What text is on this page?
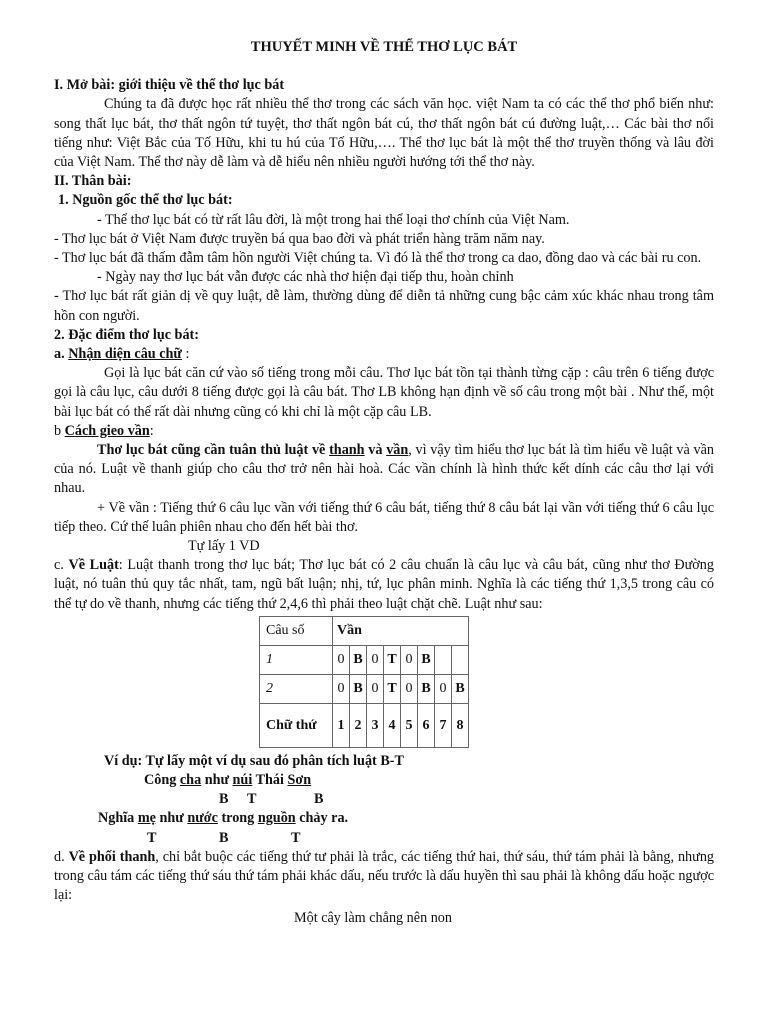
THUYẾT MINH VỀ THỂ THƠ LỤC BÁT

I. Mở bài: giới thiệu về thể thơ lục bát

Chúng ta đã được học rất nhiều thể thơ trong các sách văn học. việt Nam ta có các thể thơ phổ biến như: song thất lục bát, thơ thất ngôn tứ tuyệt, thơ thất ngôn bát cú, thơ thất ngôn bát cú đường luật,… Các bài thơ nổi tiếng như: Việt Bắc của Tố Hữu, khi tu hú của Tố Hữu,…. Thể thơ lục bát là một thể thơ truyền thống và lâu đời của Việt Nam. Thể thơ này dễ làm và dễ hiểu nên nhiều người hướng tới thể thơ này.

II. Thân bài:

1. Nguồn gốc thể thơ lục bát:

- Thể thơ lục bát có từ rất lâu đời, là một trong hai thể loại thơ chính của Việt Nam.

- Thơ lục bát ở Việt Nam được truyền bá qua bao đời và phát triển hàng trăm năm nay.

- Thơ lục bát đã thấm đẫm tâm hồn người Việt chúng ta. Vì đó là thể thơ trong ca dao, đồng dao và các bài ru con.

- Ngày nay thơ lục bát vẫn được các nhà thơ hiện đại tiếp thu, hoàn chỉnh

- Thơ lục bát rất giản dị về quy luật, dễ làm, thường dùng để diễn tả những cung bậc cảm xúc khác nhau trong tâm hồn con người.

2. Đặc điểm thơ lục bát:

a. Nhận diện câu chữ :

Gọi là lục bát căn cứ vào số tiếng trong mỗi câu. Thơ lục bát tồn tại thành từng cặp : câu trên 6 tiếng được gọi là câu lục, câu dưới 8 tiếng được gọi là câu bát. Thơ LB không hạn định về số câu trong một bài . Như thế, một bài lục bát có thể rất dài nhưng cũng có khi chỉ là một cặp câu LB.

b Cách gieo vần:

Thơ lục bát cũng cần tuân thủ luật về thanh và vần, vì vậy tìm hiểu thơ lục bát là tìm hiểu về luật và vần của nó. Luật về thanh giúp cho câu thơ trở nên hài hoà. Các vần chính là hình thức kết dính các câu thơ lại với nhau.

+ Về vần : Tiếng thứ 6 câu lục vần với tiếng thứ 6 câu bát, tiếng thứ 8 câu bát lại vần với tiếng thứ 6 câu lục tiếp theo. Cứ thế luân phiên nhau cho đến hết bài thơ.

Tự lấy 1 VD

c. Về Luật: Luật thanh trong thơ lục bát; Thơ lục bát có 2 câu chuẩn là câu lục và câu bát, cũng như thơ Đường luật, nó tuân thủ quy tắc nhất, tam, ngũ bất luận; nhị, tứ, lục phân minh. Nghĩa là các tiếng thứ 1,3,5 trong câu có thể tự do về thanh, nhưng các tiếng thứ 2,4,6 thì phải theo luật chặt chẽ. Luật như sau:

Câu số	Vần							
1	0	B	0	T	0	B		
2	0	B	0	T	0	B	0	B
Chữ thứ	1	2	3	4	5	6	7	8

Ví dụ: Tự lấy một ví dụ sau đó phân tích luật B-T

Công cha như núi Thái Sơn

B T	B

Nghĩa mẹ như nước trong nguồn chảy ra.

T	B	T

d. Về phối thanh, chỉ bắt buộc các tiếng thứ tư phải là trắc, các tiếng thứ hai, thứ sáu, thứ tám phải là bằng, nhưng trong câu tám các tiếng thứ sáu thứ tám phải khác dấu, nếu trước là dấu huyền thì sau phải là không dấu hoặc ngược lại:

Một cây làm chẳng nên non
